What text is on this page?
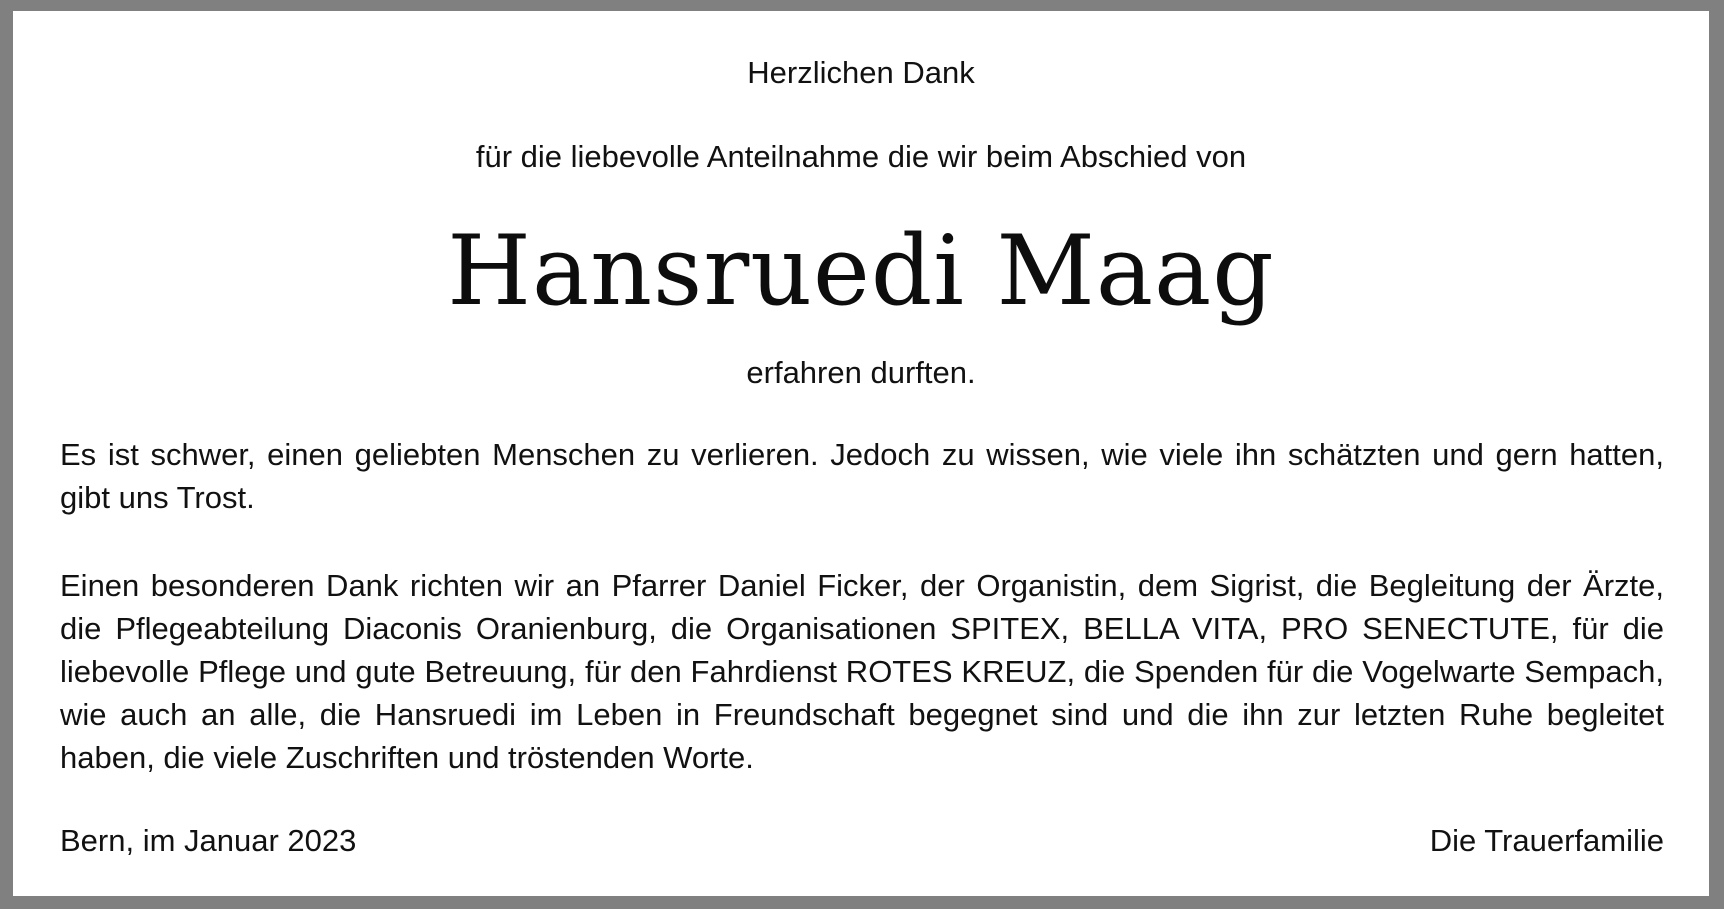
Herzlichen Dank
für die liebevolle Anteilnahme die wir beim Abschied von
Hansruedi Maag
erfahren durften.

Es ist schwer, einen geliebten Menschen zu verlieren. Jedoch zu wissen, wie viele ihn schätzten und gern hatten, gibt uns Trost.

Einen besonderen Dank richten wir an Pfarrer Daniel Ficker, der Organistin, dem Sigrist, die Begleitung der Ärzte, die Pflegeabteilung Diaconis Oranienburg, die Organisationen SPITEX, BELLA VITA, PRO SENECTUTE, für die liebevolle Pflege und gute Betreuung, für den Fahrdienst ROTES KREUZ, die Spenden für die Vogelwarte Sempach, wie auch an alle, die Hansruedi im Leben in Freundschaft begegnet sind und die ihn zur letzten Ruhe begleitet haben, die viele Zuschriften und tröstenden Worte.

Bern, im Januar 2023	Die Trauerfamilie
